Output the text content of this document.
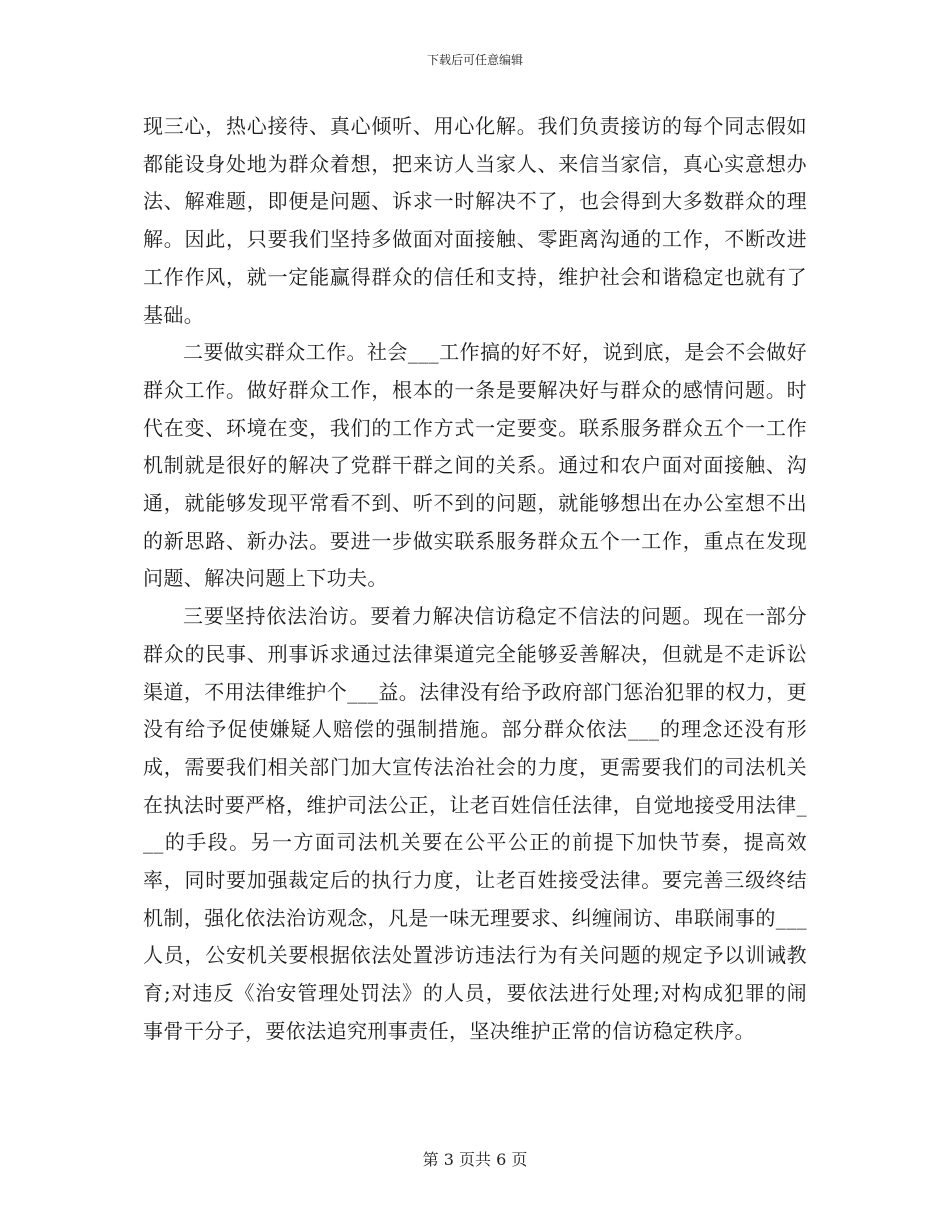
下载后可任意编辑

现三心，热心接待、真心倾听、用心化解。我们负责接访的每个同志假如都能设身处地为群众着想，把来访人当家人、来信当家信，真心实意想办法、解难题，即便是问题、诉求一时解决不了，也会得到大多数群众的理解。因此，只要我们坚持多做面对面接触、零距离沟通的工作，不断改进工作作风，就一定能赢得群众的信任和支持，维护社会和谐稳定也就有了基础。

二要做实群众工作。社会___工作搞的好不好，说到底，是会不会做好群众工作。做好群众工作，根本的一条是要解决好与群众的感情问题。时代在变、环境在变，我们的工作方式一定要变。联系服务群众五个一工作机制就是很好的解决了党群干群之间的关系。通过和农户面对面接触、沟通，就能够发现平常看不到、听不到的问题，就能够想出在办公室想不出的新思路、新办法。要进一步做实联系服务群众五个一工作，重点在发现问题、解决问题上下功夫。

三要坚持依法治访。要着力解决信访稳定不信法的问题。现在一部分群众的民事、刑事诉求通过法律渠道完全能够妥善解决，但就是不走诉讼渠道，不用法律维护个___益。法律没有给予政府部门惩治犯罪的权力，更没有给予促使嫌疑人赔偿的强制措施。部分群众依法___的理念还没有形成，需要我们相关部门加大宣传法治社会的力度，更需要我们的司法机关在执法时要严格，维护司法公正，让老百姓信任法律，自觉地接受用法律___的手段。另一方面司法机关要在公平公正的前提下加快节奏，提高效率，同时要加强裁定后的执行力度，让老百姓接受法律。要完善三级终结机制，强化依法治访观念，凡是一味无理要求、纠缠闹访、串联闹事的___人员，公安机关要根据依法处置涉访违法行为有关问题的规定予以训诫教育;对违反《治安管理处罚法》的人员，要依法进行处理;对构成犯罪的闹事骨干分子，要依法追究刑事责任，坚决维护正常的信访稳定秩序。

第 3 页共 6 页
